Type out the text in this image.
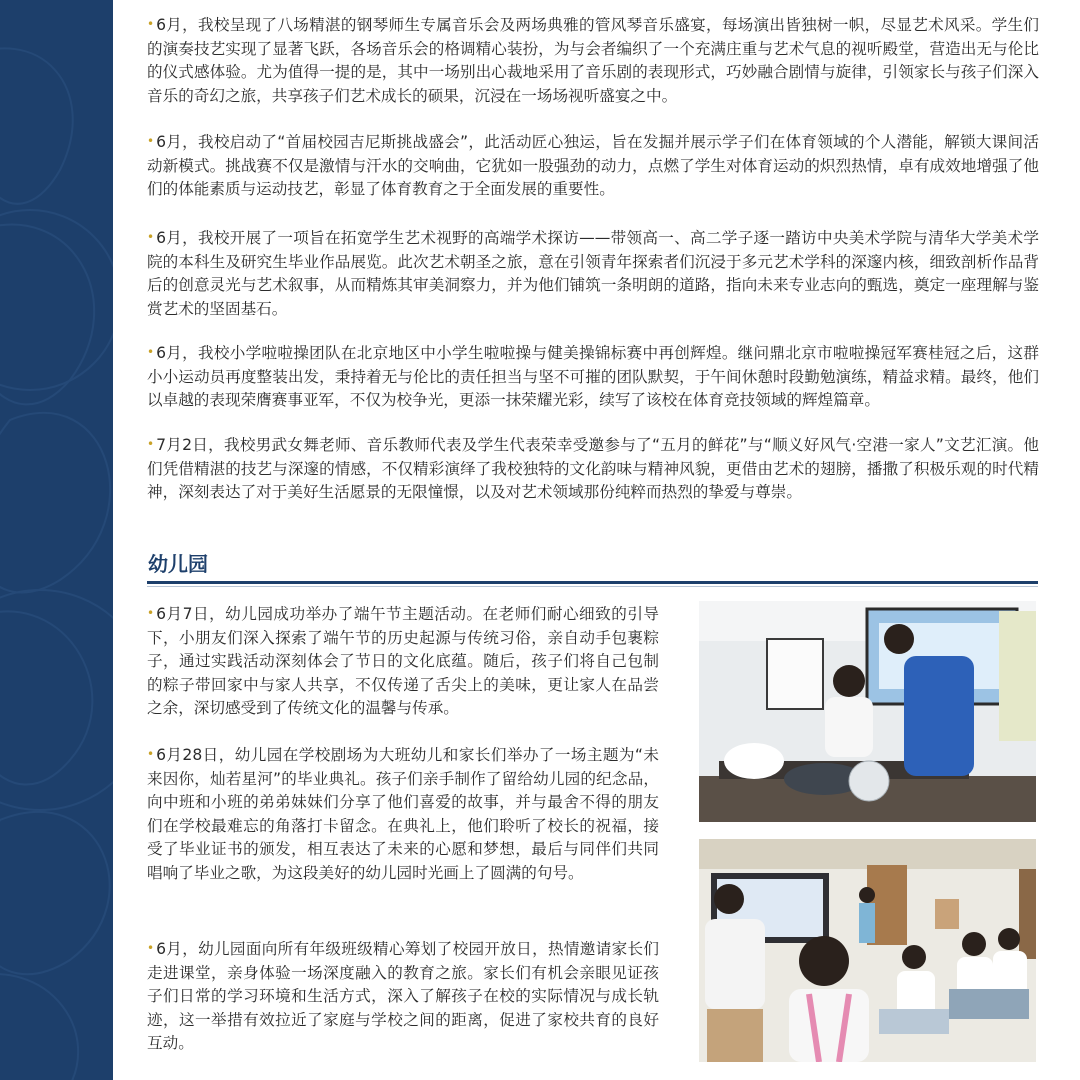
• 6月，我校呈现了八场精湛的钢琴师生专属音乐会及两场典雅的管风琴音乐盛宴，每场演出皆独树一帜，尽显艺术风采。学生们的演奏技艺实现了显著飞跃，各场音乐会的格调精心装扮，为与会者编织了一个充满庄重与艺术气息的视听殿堂，营造出无与伦比的仪式感体验。尤为值得一提的是，其中一场别出心裁地采用了音乐剧的表现形式，巧妙融合剧情与旋律，引领家长与孩子们深入音乐的奇幻之旅，共享孩子们艺术成长的硕果，沉浸在一场场视听盛宴之中。

• 6月，我校启动了“首届校园吉尼斯挑战盛会”，此活动匠心独运，旨在发掘并展示学子们在体育领域的个人潜能，解锁大课间活动新模式。挑战赛不仅是激情与汗水的交响曲，它犹如一股强劲的动力，点燃了学生对体育运动的炽烈热情，卓有成效地增强了他们的体能素质与运动技艺，彰显了体育教育之于全面发展的重要性。

• 6月，我校开展了一项旨在拓宽学生艺术视野的高端学术探访——带领高一、高二学子逐一踏访中央美术学院与清华大学美术学院的本科生及研究生毕业作品展览。此次艺术朝圣之旅，意在引领青年探索者们沉浸于多元艺术学科的深邃内核，细致剖析作品背后的创意灵光与艺术叙事，从而精炼其审美洞察力，并为他们铺筑一条明朗的道路，指向未来专业志向的甄选，奠定一座理解与鉴赏艺术的坚固基石。

• 6月，我校小学啦啦操团队在北京地区中小学生啦啦操与健美操锦标赛中再创辉煌。继问鼎北京市啦啦操冠军赛桂冠之后，这群小小运动员再度整装出发，秉持着无与伦比的责任担当与坚不可摧的团队默契，于午间休憩时段勤勉演练，精益求精。最终，他们以卓越的表现荣膺赛事亚军，不仅为校争光，更添一抹荣耀光彩，续写了该校在体育竞技领域的辉煌篇章。

• 7月2日，我校男武女舞老师、音乐教师代表及学生代表荣幸受邀参与了“五月的鲜花”与“顺义好风气·空港一家人”文艺汇演。他们凭借精湛的技艺与深邃的情感，不仅精彩演绎了我校独特的文化韵味与精神风貌，更借由艺术的翅膀，播撒了积极乐观的时代精神，深刻表达了对于美好生活愿景的无限憧憬，以及对艺术领域那份纯粹而热烈的挚爱与尊崇。

幼儿园

• 6月7日，幼儿园成功举办了端午节主题活动。在老师们耐心细致的引导下，小朋友们深入探索了端午节的历史起源与传统习俗，亲自动手包裹粽子，通过实践活动深刻体会了节日的文化底蕴。随后，孩子们将自己包制的粽子带回家中与家人共享，不仅传递了舌尖上的美味，更让家人在品尝之余，深切感受到了传统文化的温馨与传承。

• 6月28日，幼儿园在学校剧场为大班幼儿和家长们举办了一场主题为“未来因你，灿若星河”的毕业典礼。孩子们亲手制作了留给幼儿园的纪念品，向中班和小班的弟弟妹妹们分享了他们喜爱的故事，并与最舍不得的朋友们在学校最难忘的角落打卡留念。在典礼上，他们聆听了校长的祝福，接受了毕业证书的颁发，相互表达了未来的心愿和梦想，最后与同伴们共同唱响了毕业之歌，为这段美好的幼儿园时光画上了圆满的句号。

• 6月，幼儿园面向所有年级班级精心筹划了校园开放日，热情邀请家长们走进课堂，亲身体验一场深度融入的教育之旅。家长们有机会亲眼见证孩子们日常的学习环境和生活方式，深入了解孩子在校的实际情况与成长轨迹，这一举措有效拉近了家庭与学校之间的距离，促进了家校共育的良好互动。
